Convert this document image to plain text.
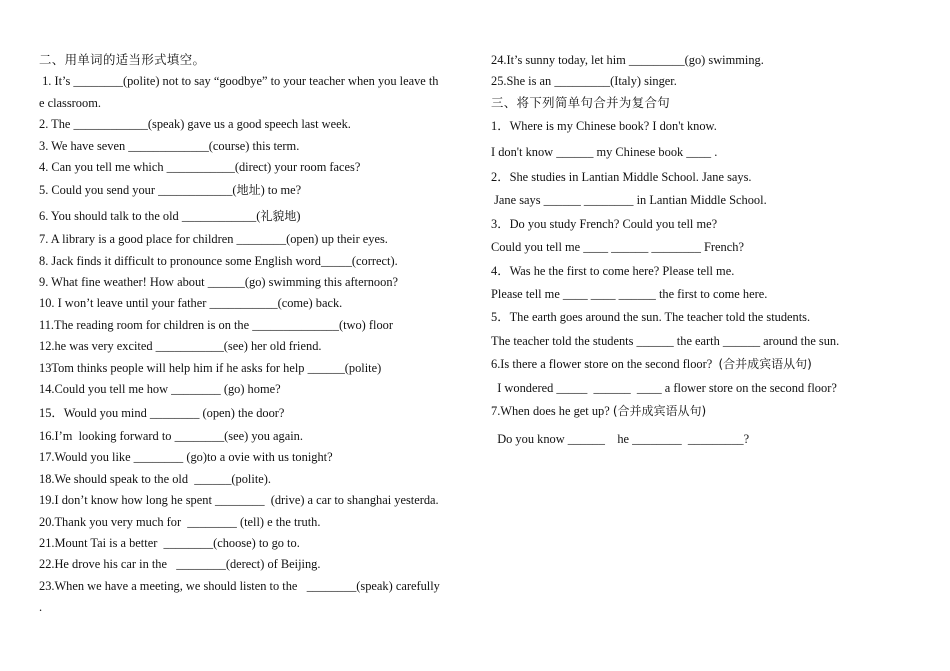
二、用单词的适当形式填空。
1. It’s ________(polite) not to say “goodbye” to your teacher when you leave th
e classroom.
2. The ____________(speak) gave us a good speech last week.
3. We have seven _____________(course) this term.
4. Can you tell me which ___________(direct) your room faces?
5. Could you send your ____________(地址) to me?
6. You should talk to the old ____________(礼貌地)
7. A library is a good place for children ________(open) up their eyes.
8. Jack finds it difficult to pronounce some English word_____(correct).
9. What fine weather! How about ______(go) swimming this afternoon?
10. I won’t leave until your father ___________(come) back.
11.The reading room for children is on the ______________(two) floor
12.he was very excited ___________(see) her old friend.
13Tom thinks people will help him if he asks for help ______(polite)
14.Could you tell me how ________ (go) home?
15．Would you mind ________ (open) the door?
16.I’m  looking forward to ________(see) you again.
17.Would you like ________ (go)to a ovie with us tonight?
18.We should speak to the old  ______(polite).
19.I don’t know how long he spent ________  (drive) a car to shanghai yesterda.
20.Thank you very much for  ________ (tell) e the truth.
21.Mount Tai is a better  ________(choose) to go to.
22.He drove his car in the   ________(derect) of Beijing.
23.When we have a meeting, we should listen to the   ________(speak) carefully
.
24.It’s sunny today, let him _________(go) swimming.
25.She is an _________(Italy) singer.
三、将下列简单句合并为复合句
1．Where is my Chinese book? I don't know.
I don't know ______ my Chinese book ____ .
2．She studies in Lantian Middle School. Jane says.
Jane says ______ ________ in Lantian Middle School.
3．Do you study French? Could you tell me?
Could you tell me ____ ______ ________ French?
4．Was he the first to come here? Please tell me.
Please tell me ____ ____ ______ the first to come here.
5．The earth goes around the sun. The teacher told the students.
The teacher told the students ______ the earth ______ around the sun.
6.Is there a flower store on the second floor?  (合并成宾语从句)
I wondered _____  ______  ____ a flower store on the second floor?
7.When does he get up? (合并成宾语从句)
Do you know ______    he ________  _________?
